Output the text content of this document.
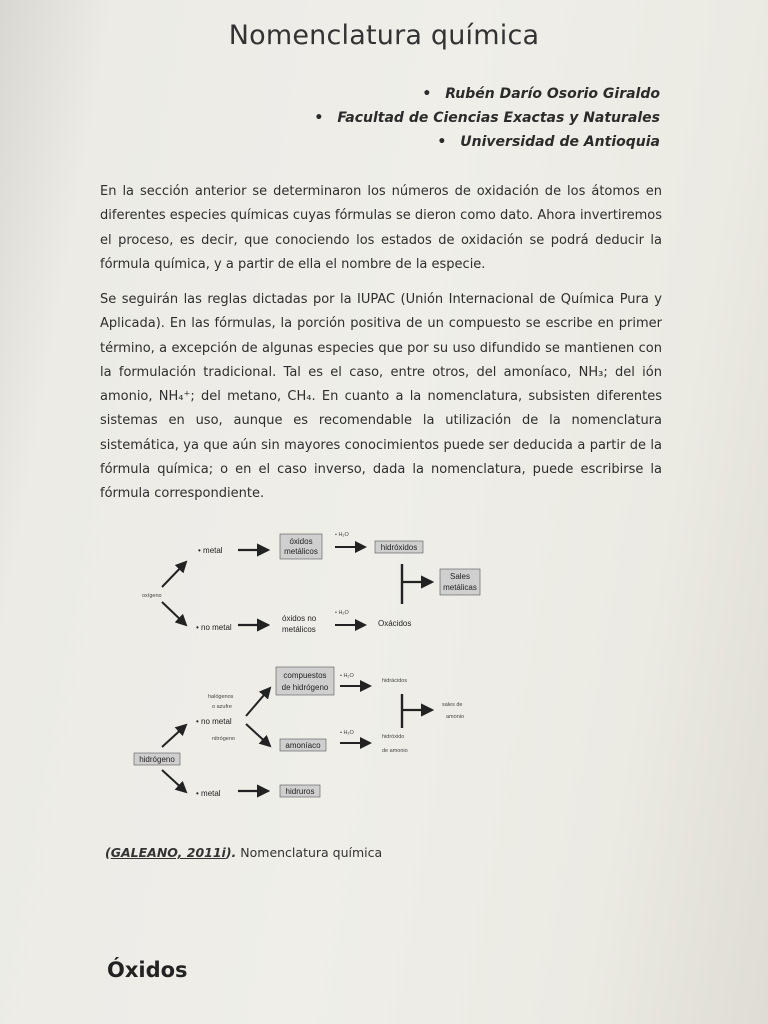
Nomenclatura química
• Rubén Darío Osorio Giraldo
• Facultad de Ciencias Exactas y Naturales
• Universidad de Antioquia

En la sección anterior se determinaron los números de oxidación de los átomos en diferentes especies químicas cuyas fórmulas se dieron como dato. Ahora invertiremos el proceso, es decir, que conociendo los estados de oxidación se podrá deducir la fórmula química, y a partir de ella el nombre de la especie.

Se seguirán las reglas dictadas por la IUPAC (Unión Internacional de Química Pura y Aplicada). En las fórmulas, la porción positiva de un compuesto se escribe en primer término, a excepción de algunas especies que por su uso difundido se mantienen con la formulación tradicional. Tal es el caso, entre otros, del amoníaco, NH₃; del ión amonio, NH₄⁺; del metano, CH₄. En cuanto a la nomenclatura, subsisten diferentes sistemas en uso, aunque es recomendable la utilización de la nomenclatura sistemática, ya que aún sin mayores conocimientos puede ser deducida a partir de la fórmula química; o en el caso inverso, dada la nomenclatura, puede escribirse la fórmula correspondiente.

oxígeno
• metal
óxidos
metálicos
• H₂O
hidróxidos
Sales
metálicas
• no metal
óxidos no
metálicos
• H₂O
Oxácidos
hidrógeno
halógenos
o azufre
• no metal
nitrógeno
compuestos
de hidrógeno
• H₂O
hidrácidos
sales de
amonio
amoníaco
• H₂O
hidróxido
de amonio
• metal	hidruros
(GALEANO, 2011i). Nomenclatura química
Óxidos
